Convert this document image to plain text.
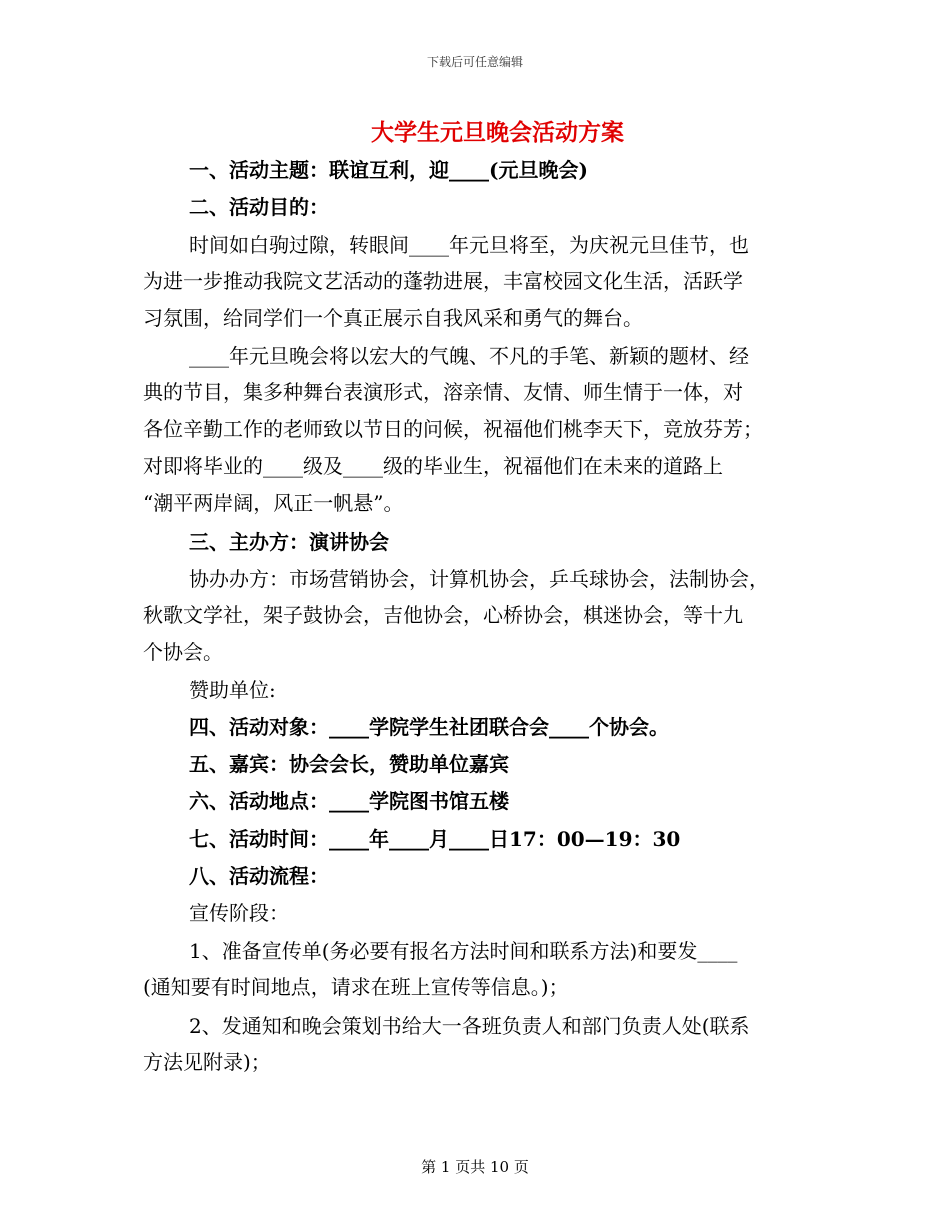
下载后可任意编辑
大学生元旦晚会活动方案
一、活动主题：联谊互利，迎____(元旦晚会)
二、活动目的：
时间如白驹过隙，转眼间____年元旦将至，为庆祝元旦佳节，也
为进一步推动我院文艺活动的蓬勃进展，丰富校园文化生活，活跃学
习氛围，给同学们一个真正展示自我风采和勇气的舞台。
____年元旦晚会将以宏大的气魄、不凡的手笔、新颖的题材、经
典的节目，集多种舞台表演形式，溶亲情、友情、师生情于一体，对
各位辛勤工作的老师致以节日的问候，祝福他们桃李天下，竞放芬芳；
对即将毕业的____级及____级的毕业生，祝福他们在未来的道路上
“潮平两岸阔，风正一帆悬”。
三、主办方：演讲协会
协办办方：市场营销协会，计算机协会，乒乓球协会，法制协会，
秋歌文学社，架子鼓协会，吉他协会，心桥协会，棋迷协会，等十九
个协会。
赞助单位:
四、活动对象：____学院学生社团联合会____个协会。
五、嘉宾：协会会长，赞助单位嘉宾
六、活动地点：____学院图书馆五楼
七、活动时间：____年____月____日17：00—19：30
八、活动流程：
宣传阶段：
1、准备宣传单(务必要有报名方法时间和联系方法)和要发____
(通知要有时间地点，请求在班上宣传等信息。)；
2、发通知和晚会策划书给大一各班负责人和部门负责人处(联系
方法见附录)；
第 1 页共 10 页
